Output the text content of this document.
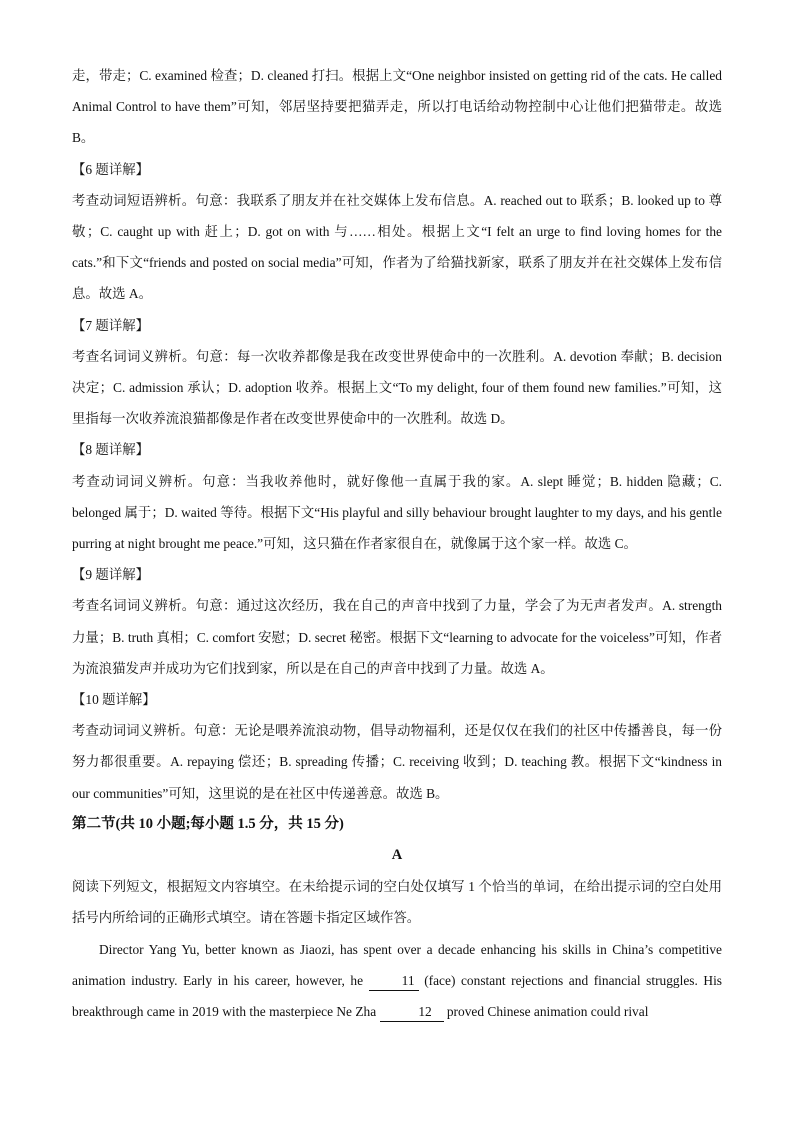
走，带走；C. examined 检查；D. cleaned 打扫。根据上文“One neighbor insisted on getting rid of the cats. He called Animal Control to have them”可知，邻居坚持要把猫弄走，所以打电话给动物控制中心让他们把猫带走。故选 B。

【6 题详解】

考查动词短语辨析。句意：我联系了朋友并在社交媒体上发布信息。A. reached out to 联系；B. looked up to 尊敬；C. caught up with 赶上；D. got on with 与……相处。根据上文“I felt an urge to find loving homes for the cats.”和下文“friends and posted on social media”可知，作者为了给猫找新家，联系了朋友并在社交媒体上发布信息。故选 A。

【7 题详解】

考查名词词义辨析。句意：每一次收养都像是我在改变世界使命中的一次胜利。A. devotion 奉献；B. decision 决定；C. admission 承认；D. adoption 收养。根据上文“To my delight, four of them found new families.”可知，这里指每一次收养流浪猫都像是作者在改变世界使命中的一次胜利。故选 D。

【8 题详解】

考查动词词义辨析。句意：当我收养他时，就好像他一直属于我的家。A. slept 睡觉；B. hidden 隐藏；C. belonged 属于；D. waited 等待。根据下文“His playful and silly behaviour brought laughter to my days, and his gentle purring at night brought me peace.”可知，这只猫在作者家很自在，就像属于这个家一样。故选 C。

【9 题详解】

考查名词词义辨析。句意：通过这次经历，我在自己的声音中找到了力量，学会了为无声者发声。A. strength 力量；B. truth 真相；C. comfort 安慰；D. secret 秘密。根据下文“learning to advocate for the voiceless”可知，作者为流浪猫发声并成功为它们找到家，所以是在自己的声音中找到了力量。故选 A。

【10 题详解】

考查动词词义辨析。句意：无论是喂养流浪动物，倡导动物福利，还是仅仅在我们的社区中传播善良，每一份努力都很重要。A. repaying 偿还；B. spreading 传播；C. receiving 收到；D. teaching 教。根据下文“kindness in our communities”可知，这里说的是在社区中传递善意。故选 B。

第二节(共 10 小题;每小题 1.5 分，共 15 分)

A

阅读下列短文，根据短文内容填空。在未给提示词的空白处仅填写 1 个恰当的单词，在给出提示词的空白处用括号内所给词的正确形式填空。请在答题卡指定区域作答。

Director Yang Yu, better known as Jiaozi, has spent over a decade enhancing his skills in China’s competitive animation industry. Early in his career, however, he 11 (face) constant rejections and financial struggles. His breakthrough came in 2019 with the masterpiece Ne Zha	12 proved Chinese animation could rival
